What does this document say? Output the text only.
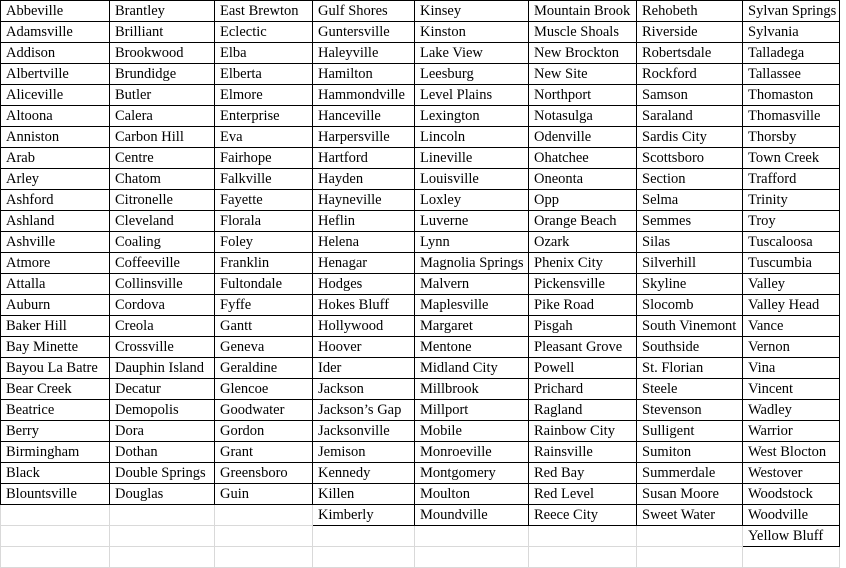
Abbeville	Brantley	East Brewton	Gulf Shores	Kinsey	Mountain Brook	Rehobeth	Sylvan Springs
Adamsville	Brilliant	Eclectic	Guntersville	Kinston	Muscle Shoals	Riverside	Sylvania
Addison	Brookwood	Elba	Haleyville	Lake View	New Brockton	Robertsdale	Talladega
Albertville	Brundidge	Elberta	Hamilton	Leesburg	New Site	Rockford	Tallassee
Aliceville	Butler	Elmore	Hammondville	Level Plains	Northport	Samson	Thomaston
Altoona	Calera	Enterprise	Hanceville	Lexington	Notasulga	Saraland	Thomasville
Anniston	Carbon Hill	Eva	Harpersville	Lincoln	Odenville	Sardis City	Thorsby
Arab	Centre	Fairhope	Hartford	Lineville	Ohatchee	Scottsboro	Town Creek
Arley	Chatom	Falkville	Hayden	Louisville	Oneonta	Section	Trafford
Ashford	Citronelle	Fayette	Hayneville	Loxley	Opp	Selma	Trinity
Ashland	Cleveland	Florala	Heflin	Luverne	Orange Beach	Semmes	Troy
Ashville	Coaling	Foley	Helena	Lynn	Ozark	Silas	Tuscaloosa
Atmore	Coffeeville	Franklin	Henagar	Magnolia Springs	Phenix City	Silverhill	Tuscumbia
Attalla	Collinsville	Fultondale	Hodges	Malvern	Pickensville	Skyline	Valley
Auburn	Cordova	Fyffe	Hokes Bluff	Maplesville	Pike Road	Slocomb	Valley Head
Baker Hill	Creola	Gantt	Hollywood	Margaret	Pisgah	South Vinemont	Vance
Bay Minette	Crossville	Geneva	Hoover	Mentone	Pleasant Grove	Southside	Vernon
Bayou La Batre	Dauphin Island	Geraldine	Ider	Midland City	Powell	St. Florian	Vina
Bear Creek	Decatur	Glencoe	Jackson	Millbrook	Prichard	Steele	Vincent
Beatrice	Demopolis	Goodwater	Jackson’s Gap	Millport	Ragland	Stevenson	Wadley
Berry	Dora	Gordon	Jacksonville	Mobile	Rainbow City	Sulligent	Warrior
Birmingham	Dothan	Grant	Jemison	Monroeville	Rainsville	Sumiton	West Blocton
Black	Double Springs	Greensboro	Kennedy	Montgomery	Red Bay	Summerdale	Westover
Blountsville	Douglas	Guin	Killen	Moulton	Red Level	Susan Moore	Woodstock
			Kimberly	Moundville	Reece City	Sweet Water	Woodville
							Yellow Bluff
